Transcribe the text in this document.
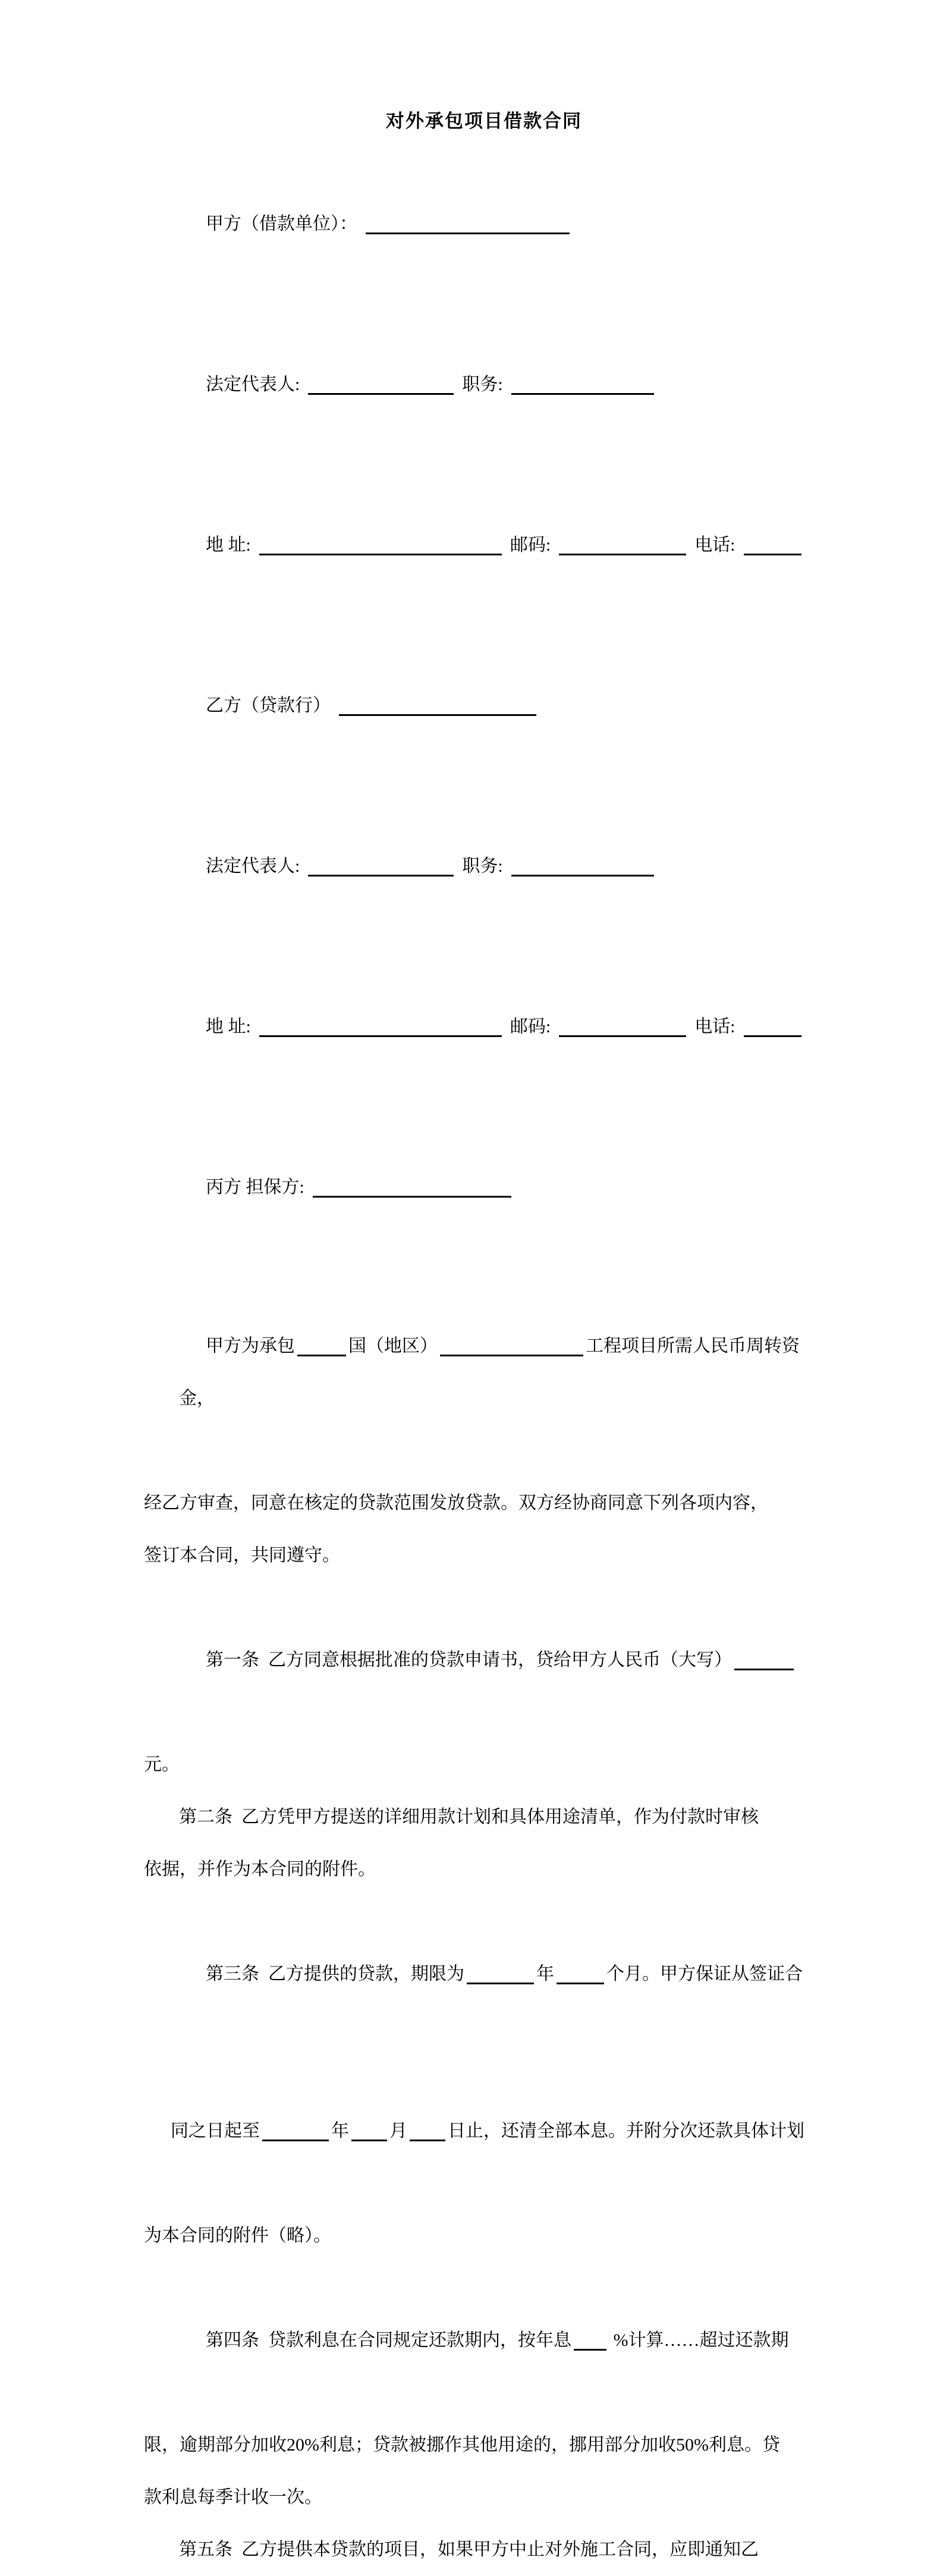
对外承包项目借款合同

甲方（借款单位）：

法定代表人:	职务:

地 址:	邮码:	电话:

乙方（贷款行）

法定代表人:	职务:

地 址:	邮码:	电话:

丙方 担保方:

甲方为承包	国（地区）	工程项目所需人民币周转资金，

经乙方审查，同意在核定的贷款范围发放贷款。双方经协商同意下列各项内容，
签订本合同，共同遵守。

第一条  乙方同意根据批准的贷款申请书，贷给甲方人民币（大写）

元。
第二条  乙方凭甲方提送的详细用款计划和具体用途清单，作为付款时审核
依据，并作为本合同的附件。

第三条  乙方提供的贷款，期限为	年	个月。甲方保证从签证合

同之日起至	年 月 日止，还清全部本息。并附分次还款具体计划

为本合同的附件（略）。

第四条  贷款利息在合同规定还款期内，按年息 %计算……超过还款期

限，逾期部分加收20%利息；贷款被挪作其他用途的，挪用部分加收50%利息。贷
款利息每季计收一次。
第五条  乙方提供本贷款的项目，如果甲方中止对外施工合同，应即通知乙
